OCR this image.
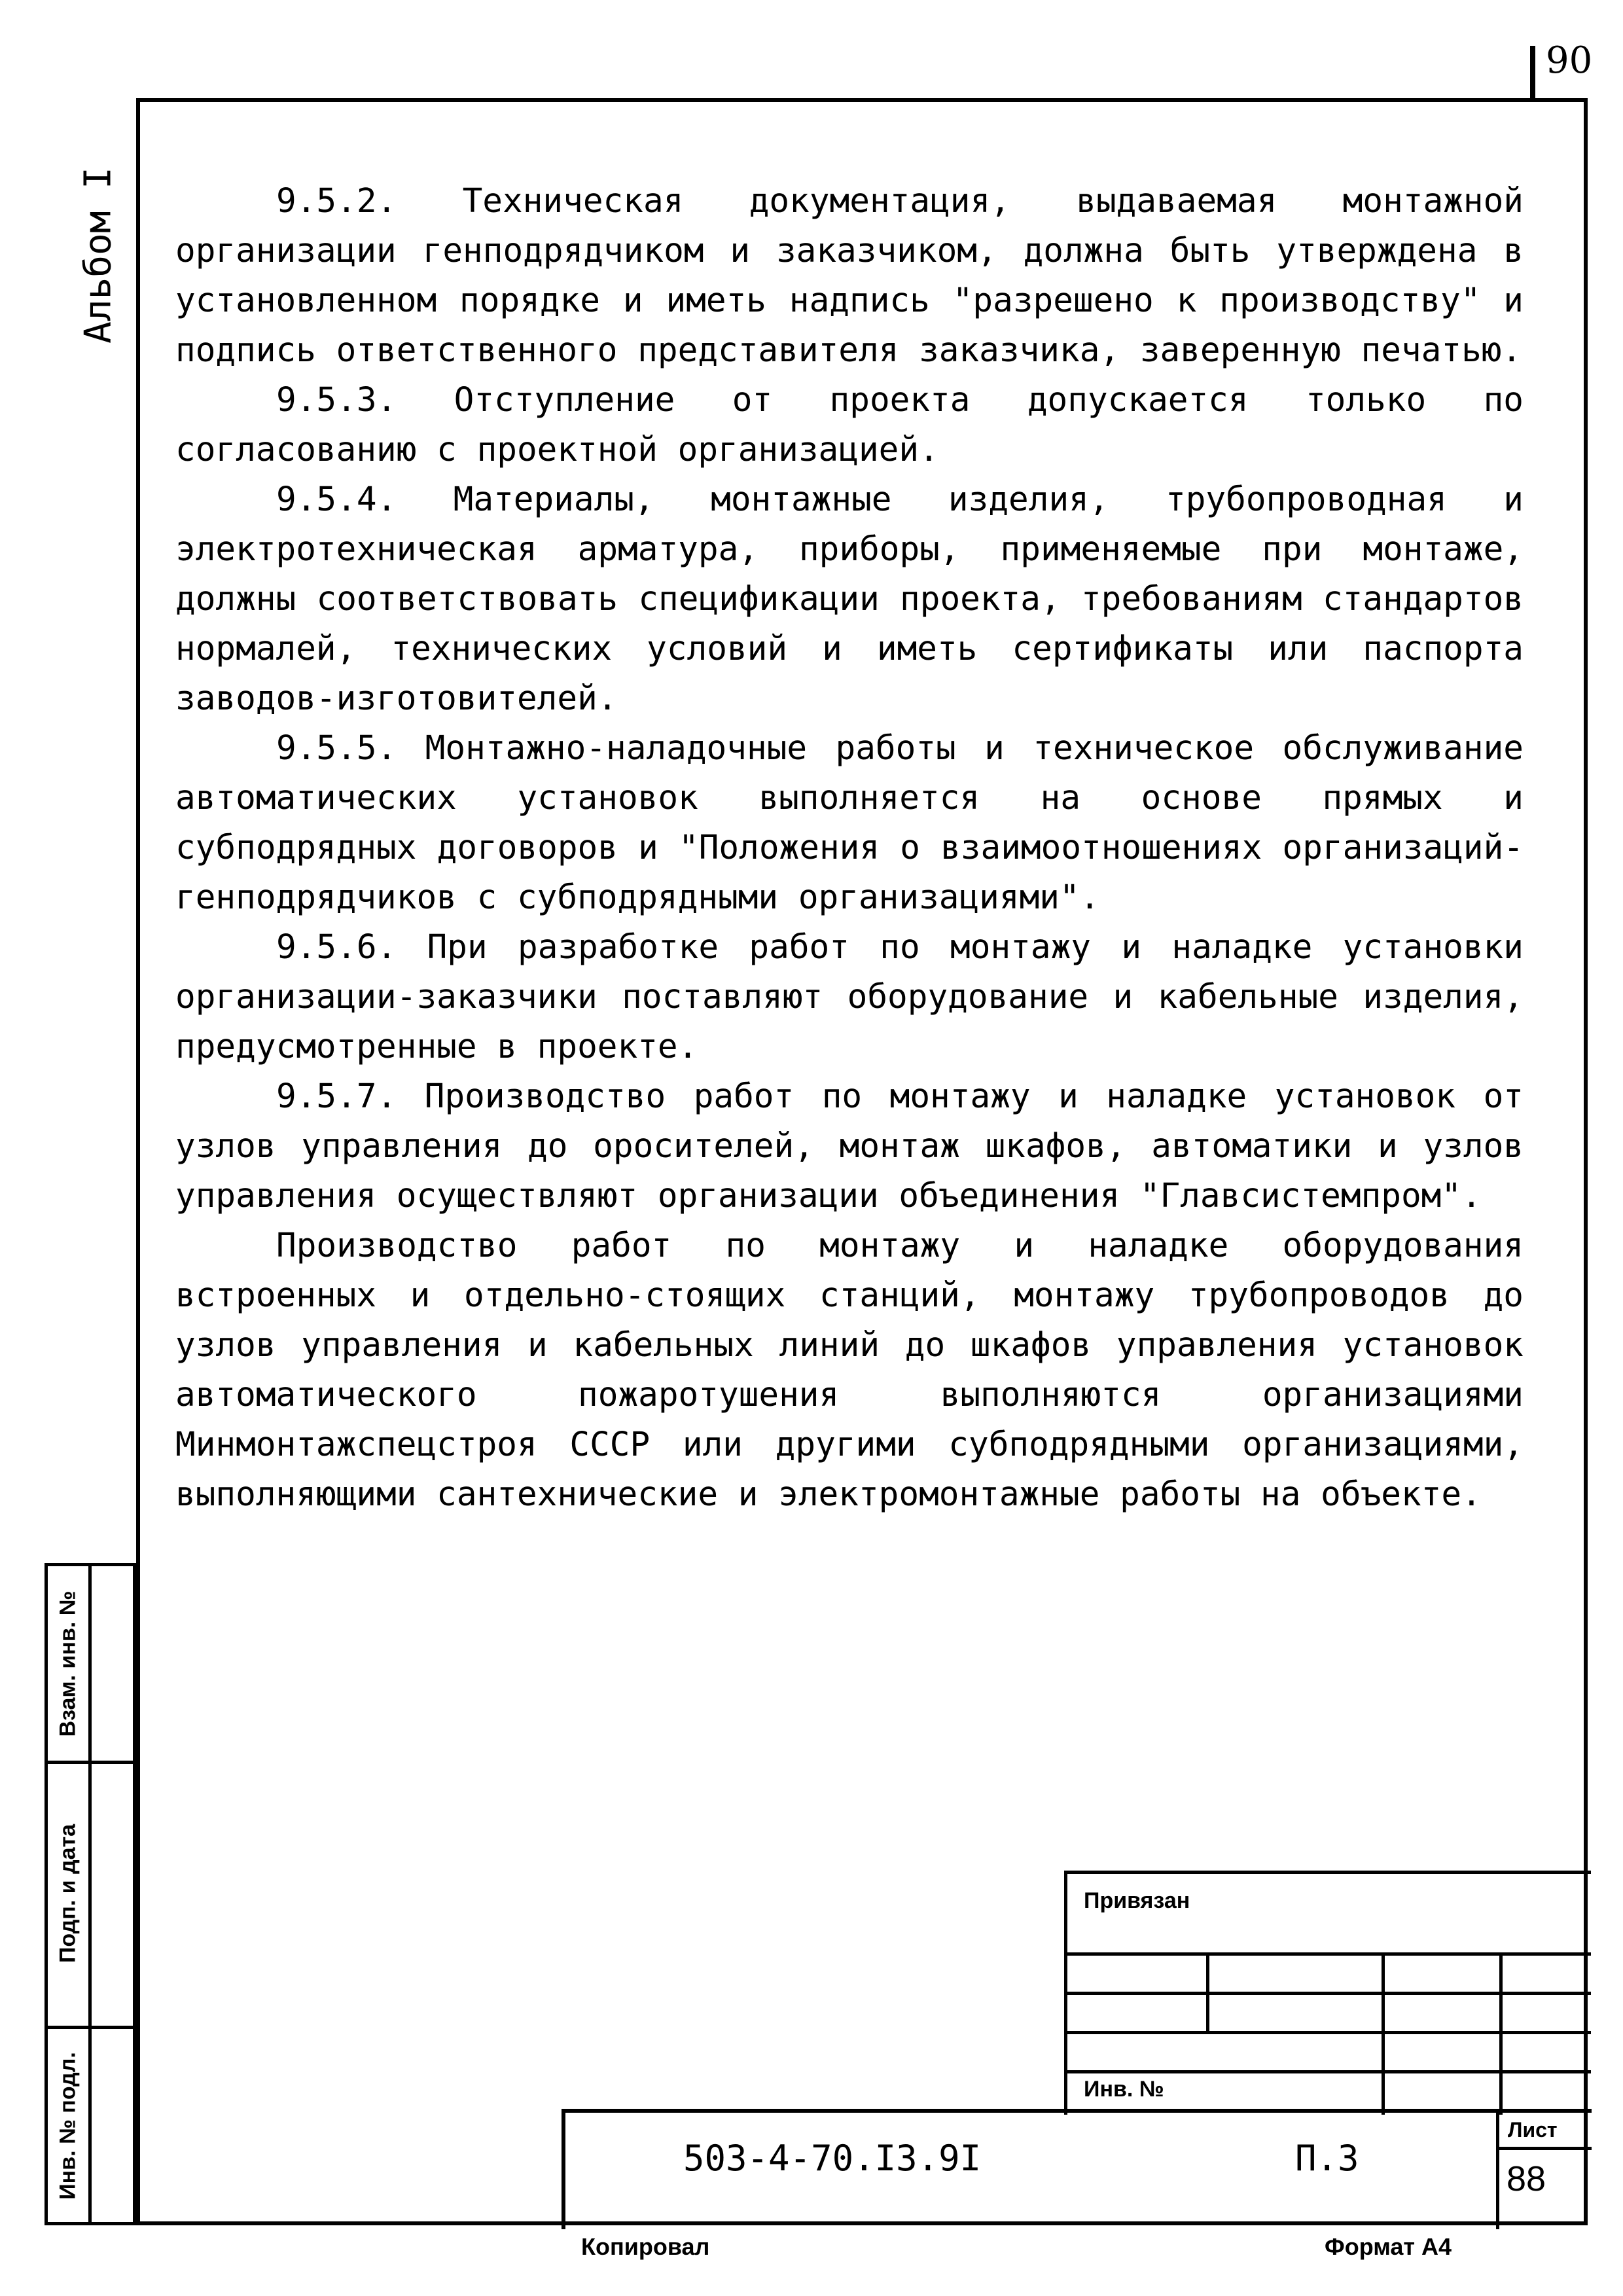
90
Альбом I
Взам. инв. №
Подп. и дата
Инв. № подл.

9.5.2. Техническая документация, выдаваемая монтажной организации генподрядчиком и заказчиком, должна быть утверждена в установленном порядке и иметь надпись "разрешено к производству" и подпись ответственного представителя заказчика, заверенную печатью.

9.5.3. Отступление от проекта допускается только по согласованию с проектной организацией.

9.5.4. Материалы, монтажные изделия, трубопроводная и электротехническая арматура, приборы, применяемые при монтаже, должны соответствовать спецификации проекта, требованиям стандартов нормалей, технических условий и иметь сертификаты или паспорта заводов-изготовителей.

9.5.5. Монтажно-наладочные работы и техническое обслуживание автоматических установок выполняется на основе прямых и субподрядных договоров и "Положения о взаимоотношениях организаций-генподрядчиков с субподрядными организациями".

9.5.6. При разработке работ по монтажу и наладке установки организации-заказчики поставляют оборудование и кабельные изделия, предусмотренные в проекте.

9.5.7. Производство работ по монтажу и наладке установок от узлов управления до оросителей, монтаж шкафов, автоматики и узлов управления осуществляют организации объединения "Главсистемпром".

Производство работ по монтажу и наладке оборудования встроенных и отдельно-стоящих станций, монтажу трубопроводов до узлов управления и кабельных линий до шкафов управления установок автоматического пожаротушения выполняются организациями Минмонтажспецстроя СССР или другими субподрядными организациями, выполняющими сантехнические и электромонтажные работы на объекте.

Привязан
Инв. №
503-4-70.I3.9I	П.3
Лист
88
Копировал	Формат А4
